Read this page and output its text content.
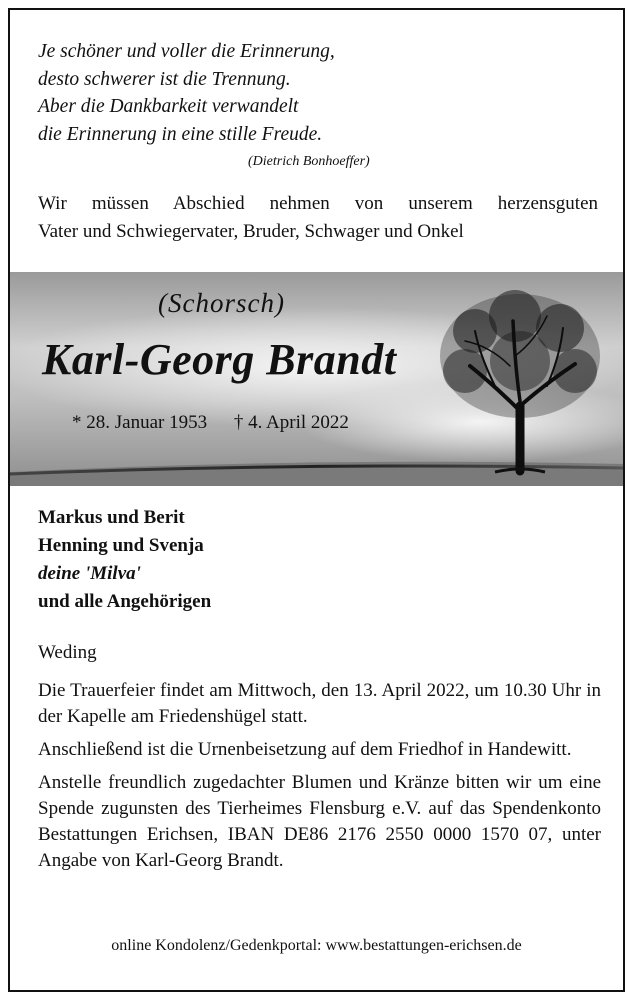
Je schöner und voller die Erinnerung,
desto schwerer ist die Trennung.
Aber die Dankbarkeit verwandelt
die Erinnerung in eine stille Freude.
(Dietrich Bonhoeffer)
Wir müssen Abschied nehmen von unserem herzensguten
Vater und Schwiegervater, Bruder, Schwager und Onkel
(Schorsch)
Karl-Georg Brandt
* 28. Januar 1953 † 4. April 2022
Markus und Berit
Henning und Svenja
deine 'Milva'
und alle Angehörigen
Weding

Die Trauerfeier findet am Mittwoch, den 13. April 2022, um 10.30 Uhr in der Kapelle am Friedenshügel statt.

Anschließend ist die Urnenbeisetzung auf dem Friedhof in Handewitt.

Anstelle freundlich zugedachter Blumen und Kränze bitten wir um eine Spende zugunsten des Tierheimes Flensburg e.V. auf das Spendenkonto Bestattungen Erichsen, IBAN DE86 2176 2550 0000 1570 07, unter Angabe von Karl-Georg Brandt.

online Kondolenz/Gedenkportal: www.bestattungen-erichsen.de
